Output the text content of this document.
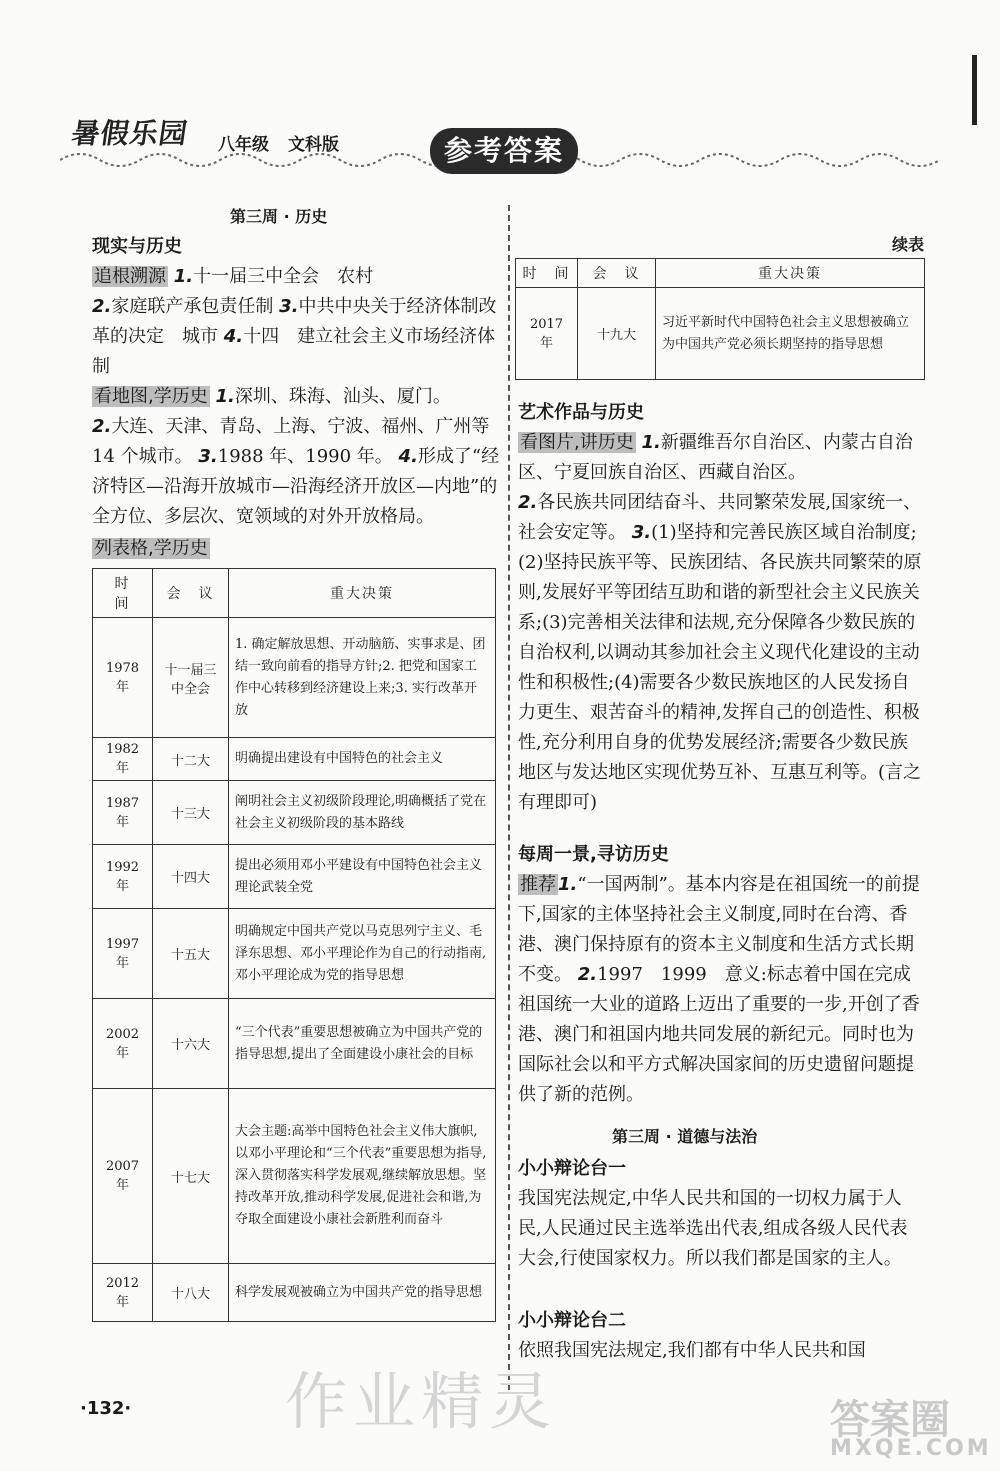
暑假乐园 八年级 文科版	参考答案
第三周 · 历史
现实与历史
追根溯源 1.十一届三中全会　农村
2.家庭联产承包责任制 3.中共中央关于经济体制改革的决定　城市 4.十四　建立社会主义市场经济体制
看地图,学历史 1.深圳、珠海、汕头、厦门。
2.大连、天津、青岛、上海、宁波、福州、广州等 14 个城市。 3.1988 年、1990 年。 4.形成了“经济特区—沿海开放城市—沿海经济开放区—内地”的全方位、多层次、宽领域的对外开放格局。
列表格,学历史
时　间	会　议	重大决策
1978 年	十一届三中全会	1. 确定解放思想、开动脑筋、实事求是、团结一致向前看的指导方针;2. 把党和国家工作中心转移到经济建设上来;3. 实行改革开放
1982 年	十二大	明确提出建设有中国特色的社会主义
1987 年	十三大	阐明社会主义初级阶段理论,明确概括了党在社会主义初级阶段的基本路线
1992 年	十四大	提出必须用邓小平建设有中国特色社会主义理论武装全党
1997 年	十五大	明确规定中国共产党以马克思列宁主义、毛泽东思想、邓小平理论作为自己的行动指南,邓小平理论成为党的指导思想
2002 年	十六大	“三个代表”重要思想被确立为中国共产党的指导思想,提出了全面建设小康社会的目标
2007 年	十七大	大会主题:高举中国特色社会主义伟大旗帜,以邓小平理论和“三个代表”重要思想为指导,深入贯彻落实科学发展观,继续解放思想。坚持改革开放,推动科学发展,促进社会和谐,为夺取全面建设小康社会新胜利而奋斗
2012 年	十八大	科学发展观被确立为中国共产党的指导思想
续表
时　间	会　议	重大决策
2017 年	十九大	习近平新时代中国特色社会主义思想被确立为中国共产党必须长期坚持的指导思想
艺术作品与历史
看图片,讲历史 1.新疆维吾尔自治区、内蒙古自治区、宁夏回族自治区、西藏自治区。
2.各民族共同团结奋斗、共同繁荣发展,国家统一、社会安定等。 3.(1)坚持和完善民族区域自治制度;(2)坚持民族平等、民族团结、各民族共同繁荣的原则,发展好平等团结互助和谐的新型社会主义民族关系;(3)完善相关法律和法规,充分保障各少数民族的自治权利,以调动其参加社会主义现代化建设的主动性和积极性;(4)需要各少数民族地区的人民发扬自力更生、艰苦奋斗的精神,发挥自己的创造性、积极性,充分利用自身的优势发展经济;需要各少数民族地区与发达地区实现优势互补、互惠互利等。(言之有理即可)
每周一景,寻访历史
推荐 1.“一国两制”。基本内容是在祖国统一的前提下,国家的主体坚持社会主义制度,同时在台湾、香港、澳门保持原有的资本主义制度和生活方式长期不变。 2.1997　1999　意义:标志着中国在完成祖国统一大业的道路上迈出了重要的一步,开创了香港、澳门和祖国内地共同发展的新纪元。同时也为国际社会以和平方式解决国家间的历史遗留问题提供了新的范例。
第三周 · 道德与法治
小小辩论台一
我国宪法规定,中华人民共和国的一切权力属于人民,人民通过民主选举选出代表,组成各级人民代表大会,行使国家权力。所以我们都是国家的主人。
小小辩论台二
依照我国宪法规定,我们都有中华人民共和国
·132· 作业精灵	答案圈
MXQE.COM
